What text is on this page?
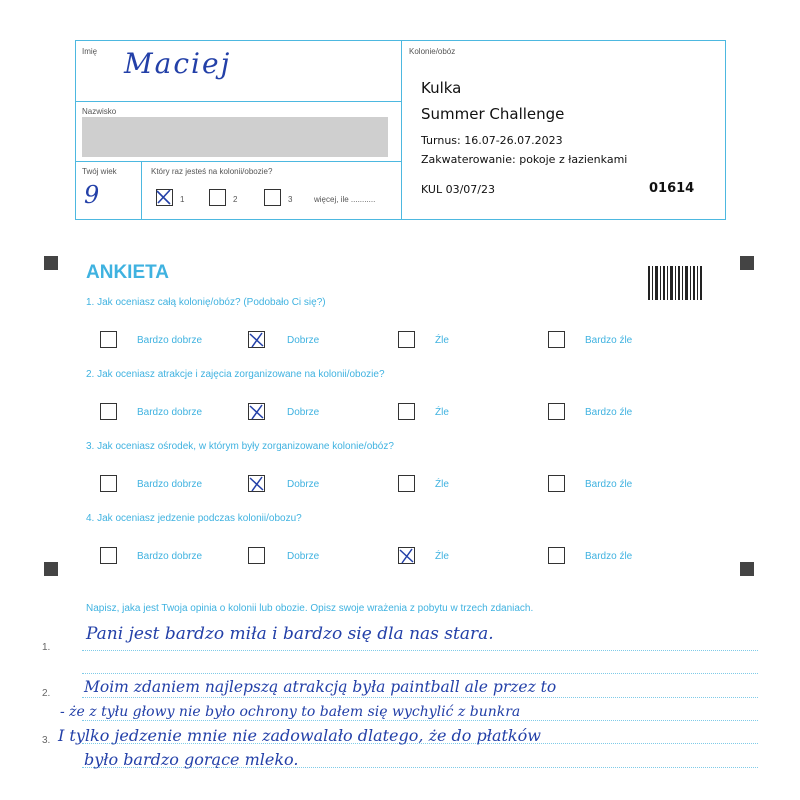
Imię Maciej
Nazwisko
Twój wiek
9
Który raz jesteś na kolonii/obozie?
1	2	3	więcej, ile ...........
Kolonie/obóz
Kulka
Summer Challenge
Turnus: 16.07-26.07.2023
Zakwaterowanie: pokoje z łazienkami
KUL 03/07/23	01614
ANKIETA
1. Jak oceniasz całą kolonię/obóz? (Podobało Ci się?)
Bardzo dobrze	Dobrze	Źle	Bardzo źle
2. Jak oceniasz atrakcje i zajęcia zorganizowane na kolonii/obozie?
Bardzo dobrze	Dobrze	Źle	Bardzo źle
3. Jak oceniasz ośrodek, w którym były zorganizowane kolonie/obóz?
Bardzo dobrze	Dobrze	Źle	Bardzo źle
4. Jak oceniasz jedzenie podczas kolonii/obozu?
Bardzo dobrze	Dobrze	Źle	Bardzo źle
Napisz, jaka jest Twoja opinia o kolonii lub obozie. Opisz swoje wrażenia z pobytu w trzech zdaniach.
1.
2.
3.
Pani jest bardzo miła i bardzo się dla nas stara.
Moim zdaniem najlepszą atrakcją była paintball ale przez to
- że z tyłu głowy nie było ochrony to bałem się wychylić z bunkra
I tylko jedzenie mnie nie zadowalało dlatego, że do płatków
było bardzo gorące mleko.
